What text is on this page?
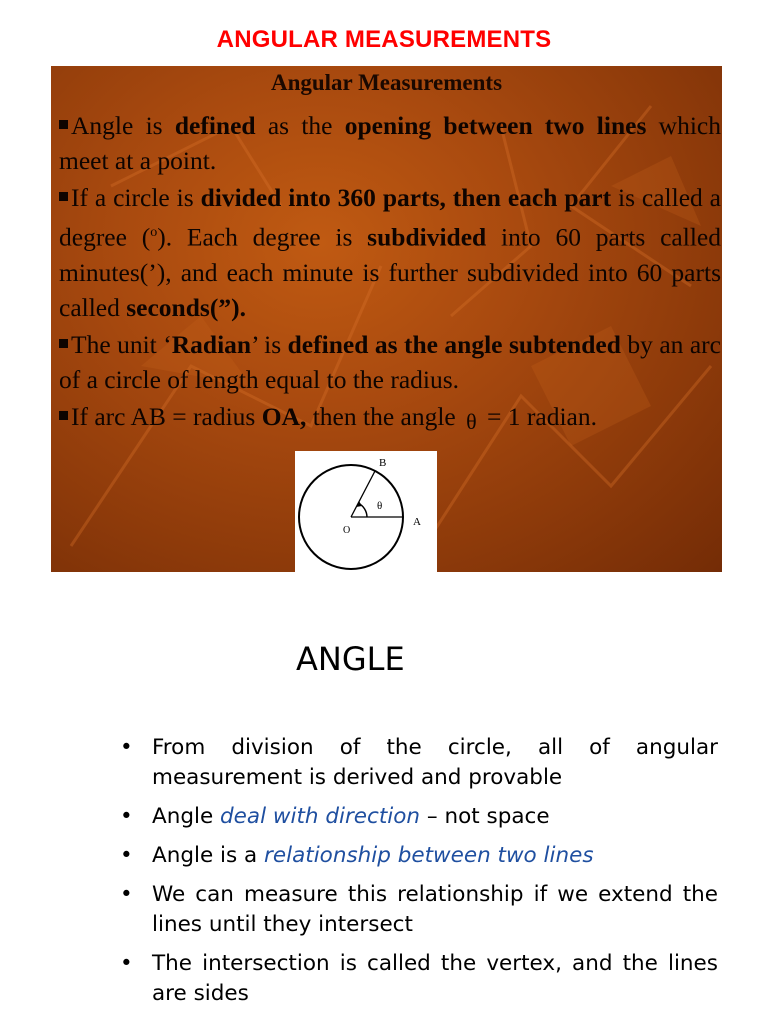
ANGULAR MEASUREMENTS
Angular Measurements

Angle is defined as the opening between two lines which meet at a point.

If a circle is divided into 360 parts, then each part is called a degree ($^o$). Each degree is subdivided into 60 parts called minutes(’), and each minute is further subdivided into 60 parts called seconds(”).

The unit ‘Radian’ is defined as the angle subtended by an arc of a circle of length equal to the radius.

If arc AB = radius OA, then the angle θ = 1 radian.

B
A
O
θ
ANGLE
• From division of the circle, all of angular measurement is derived and provable
• Angle deal with direction – not space
• Angle is a relationship between two lines
• We can measure this relationship if we extend the lines until they intersect
• The intersection is called the vertex, and the lines are sides
